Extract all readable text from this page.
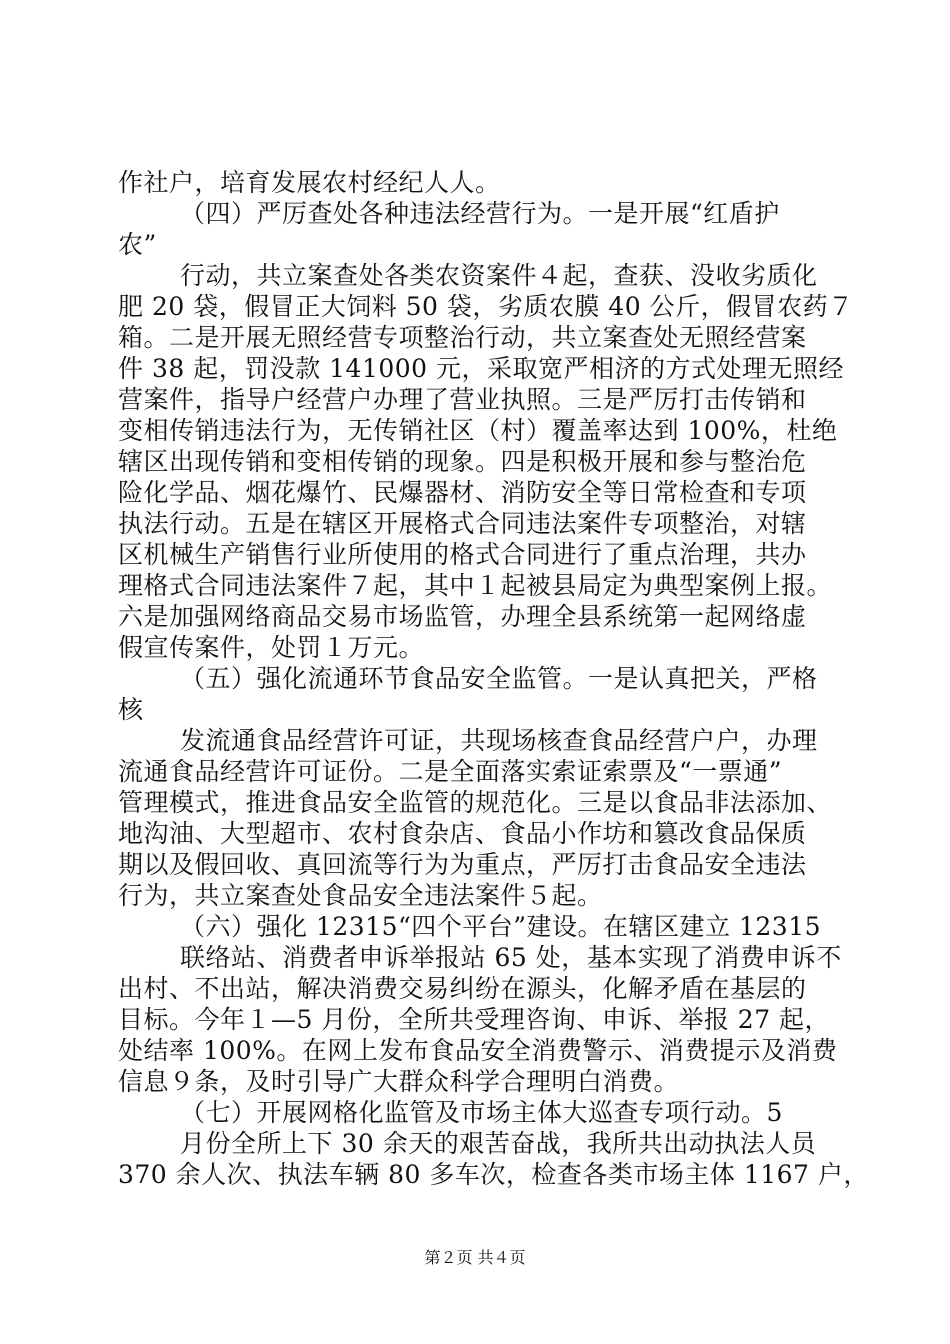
作社户，培育发展农村经纪人人。
（四）严厉查处各种违法经营行为。一是开展“红盾护
农”
行动，共立案查处各类农资案件４起，查获、没收劣质化
肥 20 袋，假冒正大饲料 50 袋，劣质农膜 40 公斤，假冒农药７
箱。二是开展无照经营专项整治行动，共立案查处无照经营案
件 38 起，罚没款 141000 元，采取宽严相济的方式处理无照经
营案件，指导户经营户办理了营业执照。三是严厉打击传销和
变相传销违法行为，无传销社区（村）覆盖率达到 100%，杜绝
辖区出现传销和变相传销的现象。四是积极开展和参与整治危
险化学品、烟花爆竹、民爆器材、消防安全等日常检查和专项
执法行动。五是在辖区开展格式合同违法案件专项整治，对辖
区机械生产销售行业所使用的格式合同进行了重点治理，共办
理格式合同违法案件７起，其中１起被县局定为典型案例上报。
六是加强网络商品交易市场监管，办理全县系统第一起网络虚
假宣传案件，处罚１万元。
（五）强化流通环节食品安全监管。一是认真把关，严格
核
发流通食品经营许可证，共现场核查食品经营户户，办理
流通食品经营许可证份。二是全面落实索证索票及“一票通”
管理模式，推进食品安全监管的规范化。三是以食品非法添加、
地沟油、大型超市、农村食杂店、食品小作坊和篡改食品保质
期以及假回收、真回流等行为为重点，严厉打击食品安全违法
行为，共立案查处食品安全违法案件５起。
（六）强化 12315“四个平台”建设。在辖区建立 12315
联络站、消费者申诉举报站 65 处，基本实现了消费申诉不
出村、不出站，解决消费交易纠纷在源头，化解矛盾在基层的
目标。今年１—5 月份，全所共受理咨询、申诉、举报 27 起，
处结率 100%。在网上发布食品安全消费警示、消费提示及消费
信息９条，及时引导广大群众科学合理明白消费。
（七）开展网格化监管及市场主体大巡查专项行动。5
月份全所上下 30 余天的艰苦奋战，我所共出动执法人员
370 余人次、执法车辆 80 多车次，检查各类市场主体 1167 户，
第２页 共４页
